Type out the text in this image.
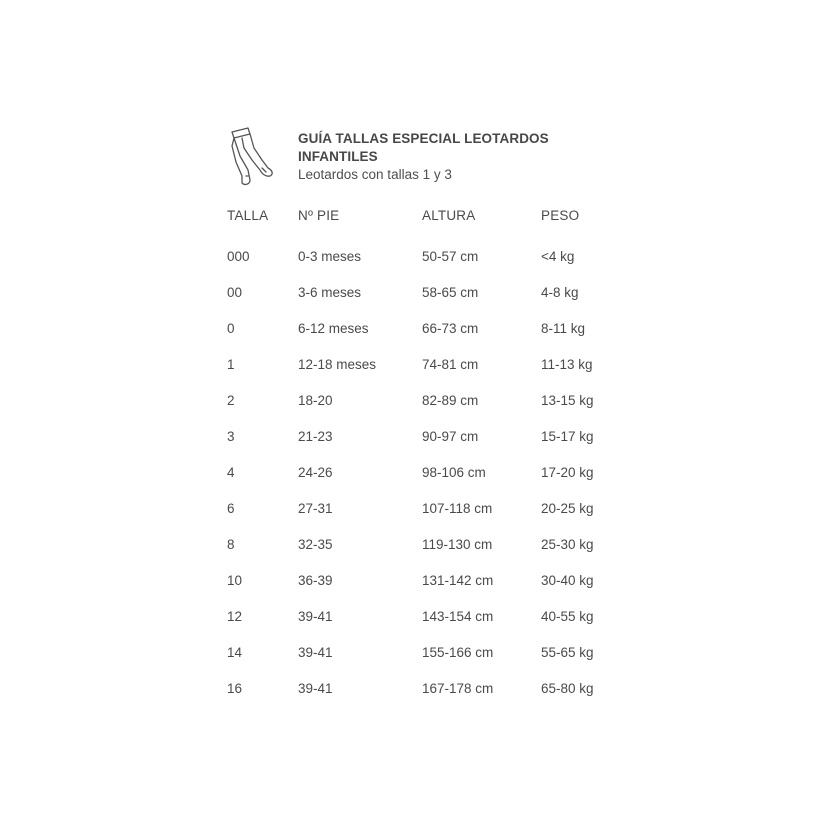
GUÍA TALLAS ESPECIAL LEOTARDOS

INFANTILES

Leotardos con tallas 1 y 3

TALLA	Nº PIE	ALTURA	PESO
000	0-3 meses	50-57 cm	<4 kg
00	3-6 meses	58-65 cm	4-8 kg
0	6-12 meses	66-73 cm	8-11 kg
1	12-18 meses	74-81 cm	11-13 kg
2	18-20	82-89 cm	13-15 kg
3	21-23	90-97 cm	15-17 kg
4	24-26	98-106 cm	17-20 kg
6	27-31	107-118 cm	20-25 kg
8	32-35	119-130 cm	25-30 kg
10	36-39	131-142 cm	30-40 kg
12	39-41	143-154 cm	40-55 kg
14	39-41	155-166 cm	55-65 kg
16	39-41	167-178 cm	65-80 kg
